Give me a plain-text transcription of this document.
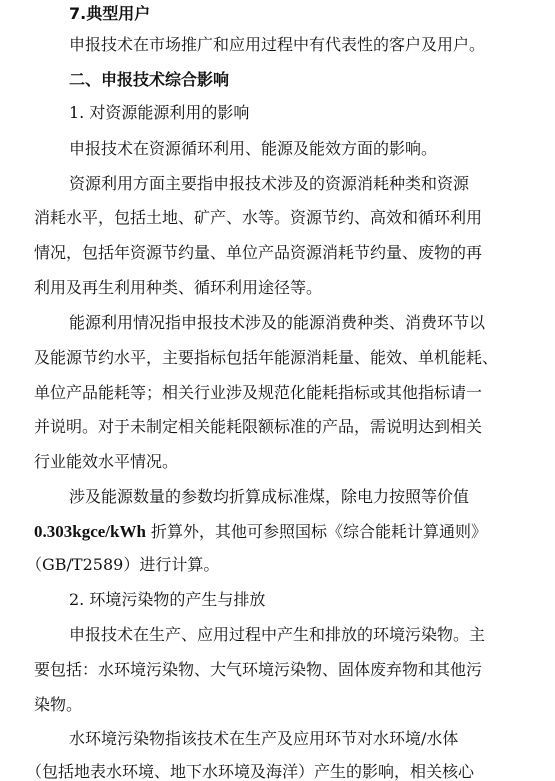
7.典型用户
申报技术在市场推广和应用过程中有代表性的客户及用户。
二、申报技术综合影响
1. 对资源能源利用的影响
申报技术在资源循环利用、能源及能效方面的影响。
资源利用方面主要指申报技术涉及的资源消耗种类和资源
消耗水平，包括土地、矿产、水等。资源节约、高效和循环利用
情况，包括年资源节约量、单位产品资源消耗节约量、废物的再
利用及再生利用种类、循环利用途径等。
能源利用情况指申报技术涉及的能源消费种类、消费环节以
及能源节约水平，主要指标包括年能源消耗量、能效、单机能耗、
单位产品能耗等；相关行业涉及规范化能耗指标或其他指标请一
并说明。对于未制定相关能耗限额标准的产品，需说明达到相关
行业能效水平情况。
涉及能源数量的参数均折算成标准煤，除电力按照等价值
0.303kgce/kWh 折算外，其他可参照国标《综合能耗计算通则》
（GB/T2589）进行计算。
2. 环境污染物的产生与排放
申报技术在生产、应用过程中产生和排放的环境污染物。主
要包括：水环境污染物、大气环境污染物、固体废弃物和其他污
染物。
水环境污染物指该技术在生产及应用环节对水环境/水体
（包括地表水环境、地下水环境及海洋）产生的影响，相关核心
